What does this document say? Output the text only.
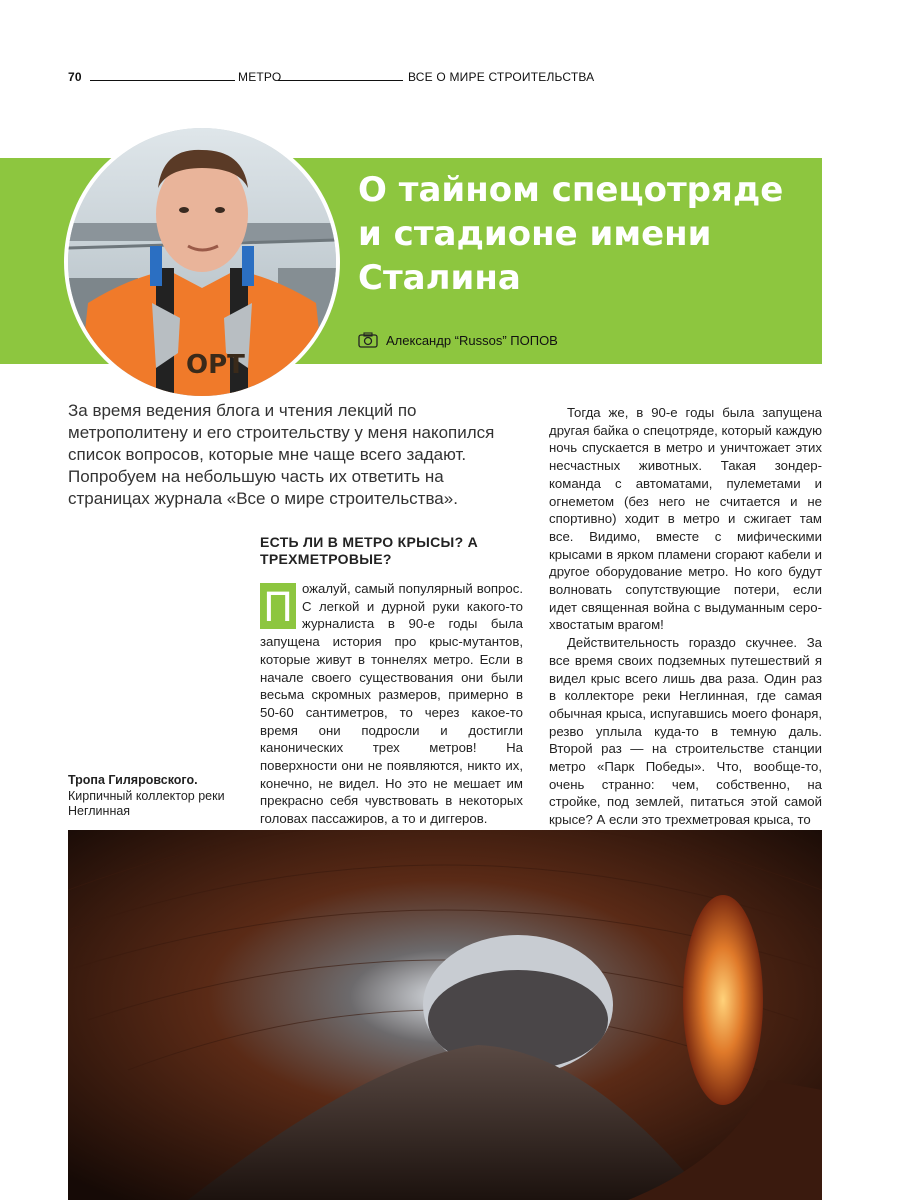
70	МЕТРО	ВСЕ О МИРЕ СТРОИТЕЛЬСТВА
OPT
О тайном спецотряде и стадионе имени Сталина
Александр “Russos” ПОПОВ

За время ведения блога и чтения лекций по метрополитену и его строительству у меня накопился список вопросов, которые мне чаще всего задают. Попробуем на небольшую часть их ответить на страницах журнала «Все о мире строительства».

ЕСТЬ ЛИ В МЕТРО КРЫСЫ? А ТРЕХМЕТРОВЫЕ?

П ожалуй, самый популярный вопрос. С легкой и дурной руки какого-то журналиста в 90-е годы была запущена история про крыс-мутантов, которые живут в тоннелях метро. Если в начале своего существования они были весьма скромных размеров, примерно в 50-60 сантиметров, то через какое-то время они подросли и достигли канонических трех метров! На поверхности они не появляются, никто их, конечно, не видел. Но это не мешает им прекрасно себя чувствовать в некоторых головах пассажиров, а то и диггеров.

Тогда же, в 90-е годы была запущена другая байка о спецотряде, который каждую ночь спускается в метро и уничтожает этих несчастных животных. Такая зондер-команда с автоматами, пулеметами и огнеметом (без него не считается и не спортивно) ходит в метро и сжигает там все. Видимо, вместе с мифическими крысами в ярком пламени сгорают кабели и другое оборудование метро. Но кого будут волновать сопутствующие потери, если идет священная война с выдуманным серо-хвостатым врагом!

Действительность гораздо скучнее. За все время своих подземных путешествий я видел крыс всего лишь два раза. Один раз в коллекторе реки Неглинная, где самая обычная крыса, испугавшись моего фонаря, резво уплыла куда-то в темную даль. Второй раз — на строительстве станции метро «Парк Победы». Что, вообще-то, очень странно: чем, собственно, на стройке, под землей, питаться этой самой крысе? А если это трехметровая крыса, то

Тропа Гиляровского.
Кирпичный коллектор реки Неглинная
